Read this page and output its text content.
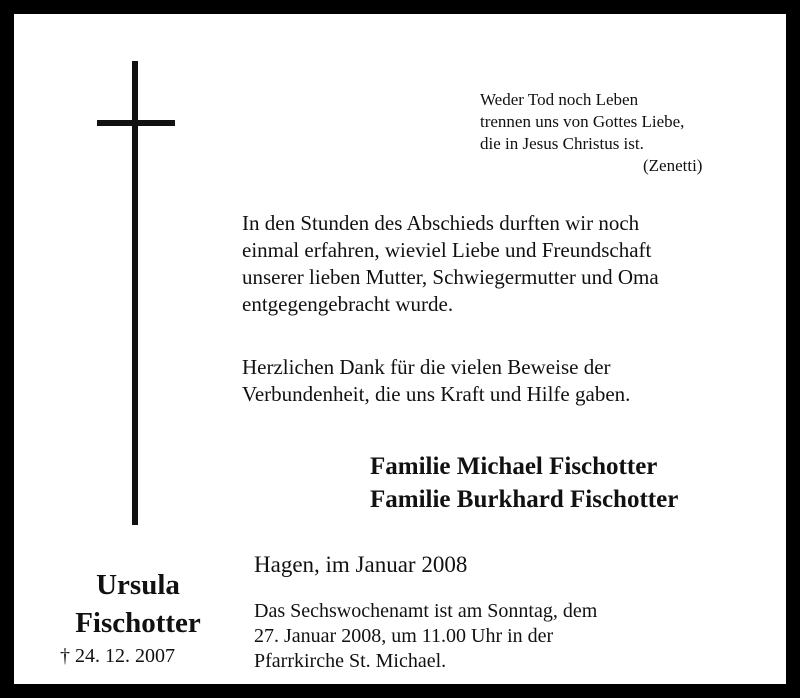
Weder Tod noch Leben
trennen uns von Gottes Liebe,
die in Jesus Christus ist.
(Zenetti)
In den Stunden des Abschieds durften wir noch
einmal erfahren, wieviel Liebe und Freundschaft
unserer lieben Mutter, Schwiegermutter und Oma
entgegengebracht wurde.
Herzlichen Dank für die vielen Beweise der
Verbundenheit, die uns Kraft und Hilfe gaben.
Familie Michael Fischotter
Familie Burkhard Fischotter
Hagen, im Januar 2008
Das Sechswochenamt ist am Sonntag, dem
27. Januar 2008, um 11.00 Uhr in der
Pfarrkirche St. Michael.
Ursula
Fischotter
† 24. 12. 2007
